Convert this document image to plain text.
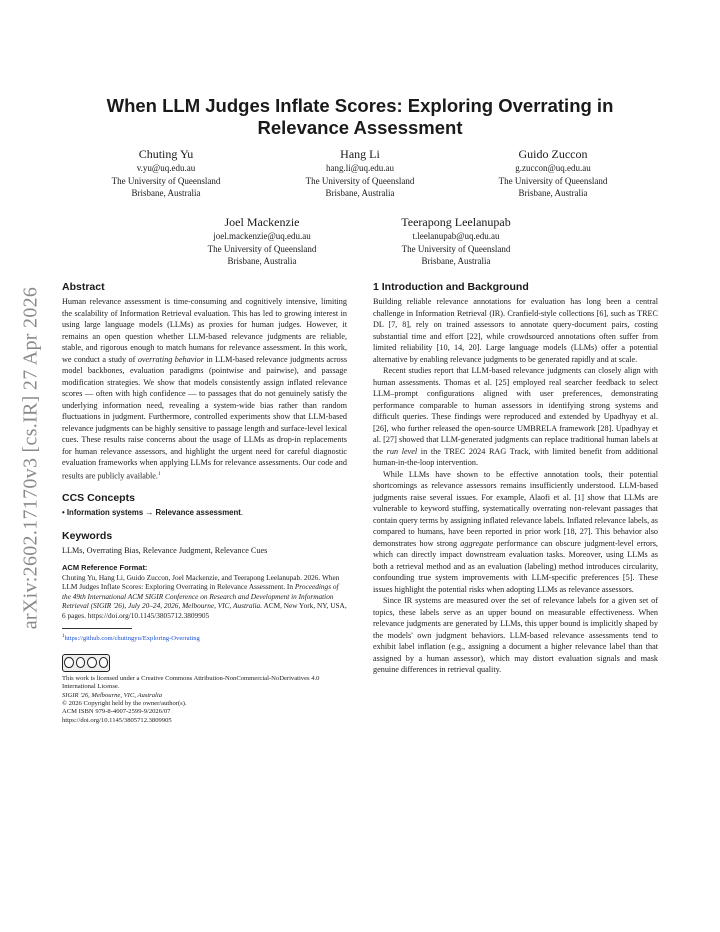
arXiv:2602.17170v3 [cs.IR] 27 Apr 2026
When LLM Judges Inflate Scores: Exploring Overrating in
Relevance Assessment
Chuting Yu
v.yu@uq.edu.au
The University of Queensland
Brisbane, Australia
Hang Li
hang.li@uq.edu.au
The University of Queensland
Brisbane, Australia
Guido Zuccon
g.zuccon@uq.edu.au
The University of Queensland
Brisbane, Australia
Joel Mackenzie
joel.mackenzie@uq.edu.au
The University of Queensland
Brisbane, Australia
Teerapong Leelanupab
t.leelanupab@uq.edu.au
The University of Queensland
Brisbane, Australia
Abstract

Human relevance assessment is time-consuming and cognitively intensive, limiting the scalability of Information Retrieval evaluation. This has led to growing interest in using large language models (LLMs) as proxies for human judges. However, it remains an open question whether LLM-based relevance judgments are reliable, stable, and rigorous enough to match humans for relevance assessment. In this work, we conduct a study of overrating behavior in LLM-based relevance judgments across model backbones, evaluation paradigms (pointwise and pairwise), and passage modification strategies. We show that models consistently assign inflated relevance scores — often with high confidence — to passages that do not genuinely satisfy the underlying information need, revealing a system-wide bias rather than random fluctuations in judgment. Furthermore, controlled experiments show that LLM-based relevance judgments can be highly sensitive to passage length and surface-level lexical cues. These results raise concerns about the usage of LLMs as drop-in replacements for human relevance assessors, and highlight the urgent need for careful diagnostic evaluation frameworks when applying LLMs for relevance assessments. Our code and results are publicly available.$^1$

CCS Concepts

• Information systems → Relevance assessment.

Keywords

LLMs, Overrating Bias, Relevance Judgment, Relevance Cues

ACM Reference Format:

Chuting Yu, Hang Li, Guido Zuccon, Joel Mackenzie, and Teerapong Leelanupab. 2026. When LLM Judges Inflate Scores: Exploring Overrating in Relevance Assessment. In Proceedings of the 49th International ACM SIGIR Conference on Research and Development in Information Retrieval (SIGIR '26), July 20–24, 2026, Melbourne, VIC, Australia. ACM, New York, NY, USA, 6 pages. https://doi.org/10.1145/3805712.3809905

$^1$https://github.com/chutingyu/Exploring-Overrating

This work is licensed under a Creative Commons Attribution-NonCommercial-NoDerivatives 4.0 International License.

SIGIR '26, Melbourne, VIC, Australia

© 2026 Copyright held by the owner/author(s).

ACM ISBN 979-8-4007-2599-9/2026/07

https://doi.org/10.1145/3805712.3809905

1 Introduction and Background

Building reliable relevance annotations for evaluation has long been a central challenge in Information Retrieval (IR). Cranfield-style collections [6], such as TREC DL [7, 8], rely on trained assessors to annotate query-document pairs, costing substantial time and effort [22], while crowdsourced annotations often suffer from limited reliability [10, 14, 20]. Large language models (LLMs) offer a potential alternative by enabling relevance judgments to be generated rapidly and at scale.

Recent studies report that LLM-based relevance judgments can closely align with human assessments. Thomas et al. [25] employed real searcher feedback to select LLM–prompt configurations aligned with user preferences, demonstrating performance comparable to human assessors in identifying strong systems and difficult queries. These findings were reproduced and extended by Upadhyay et al. [26], who further released the open-source UMBRELA framework [28]. Upadhyay et al. [27] showed that LLM-generated judgments can replace traditional human labels at the run level in the TREC 2024 RAG Track, with limited benefit from additional human-in-the-loop intervention.

While LLMs have shown to be effective annotation tools, their potential shortcomings as relevance assessors remains insufficiently understood. LLM-based judgments raise several issues. For example, Alaofi et al. [1] show that LLMs are vulnerable to keyword stuffing, systematically overrating non-relevant passages that contain query terms by assigning inflated relevance labels. Inflated relevance labels, as compared to humans, have been reported in prior work [18, 27]. This behavior also demonstrates how strong aggregate performance can obscure judgment-level errors, which can directly impact downstream evaluation tasks. Moreover, using LLMs as both a retrieval method and as an evaluation (labeling) method introduces circularity, confounding true system improvements with LLM-specific preferences [5]. These issues highlight the potential risks when adopting LLMs as relevance assessors.

Since IR systems are measured over the set of relevance labels for a given set of topics, these labels serve as an upper bound on measurable effectiveness. When relevance judgments are generated by LLMs, this upper bound is implicitly shaped by the models' own judgment behaviors. LLM-based relevance assessments tend to exhibit label inflation (e.g., assigning a document a higher relevance label than that assigned by a human assessor), which may distort evaluation signals and mask genuine differences in retrieval quality.
